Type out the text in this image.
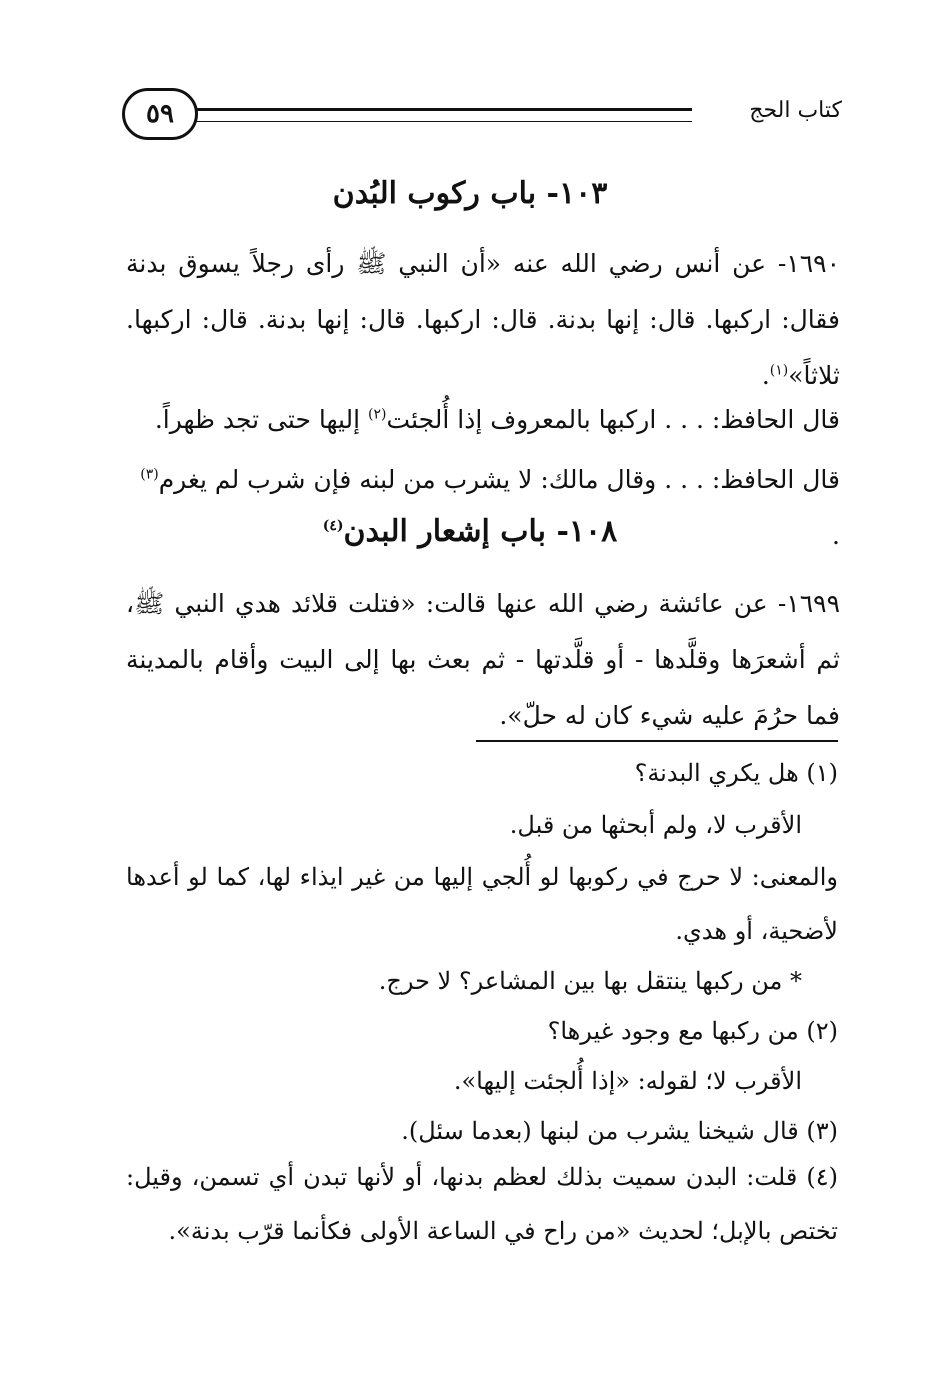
٥٩	كتاب الحج
١٠٣- باب ركوب البُدن
١٦٩٠- عن أنس رضي الله عنه «أن النبي ﷺ رأى رجلاً يسوق بدنة فقال: اركبها. قال: إنها بدنة. قال: اركبها. قال: إنها بدنة. قال: اركبها. ثلاثاً»$^{(١)}$.
قال الحافظ: . . . اركبها بالمعروف إذا أُلجئت$^{(٢)}$ إليها حتى تجد ظهراً.
قال الحافظ: . . . وقال مالك: لا يشرب من لبنه فإن شرب لم يغرم$^{(٣)}$ .
١٠٨- باب إشعار البدن$^{(٤)}$
١٦٩٩- عن عائشة رضي الله عنها قالت: «فتلت قلائد هدي النبي ﷺ، ثم أشعرَها وقلَّدها - أو قلَّدتها - ثم بعث بها إلى البيت وأقام بالمدينة فما حرُمَ عليه شيء كان له حلّ».
(١) هل يكري البدنة؟
الأقرب لا، ولم أبحثها من قبل.
والمعنى: لا حرج في ركوبها لو أُلجي إليها من غير ايذاء لها، كما لو أعدها لأضحية، أو هدي.
* من ركبها ينتقل بها بين المشاعر؟ لا حرج.
(٢) من ركبها مع وجود غيرها؟
الأقرب لا؛ لقوله: «إذا أُلجئت إليها».
(٣) قال شيخنا يشرب من لبنها (بعدما سئل).
(٤) قلت: البدن سميت بذلك لعظم بدنها، أو لأنها تبدن أي تسمن، وقيل: تختص بالإبل؛ لحديث «من راح في الساعة الأولى فكأنما قرّب بدنة».
